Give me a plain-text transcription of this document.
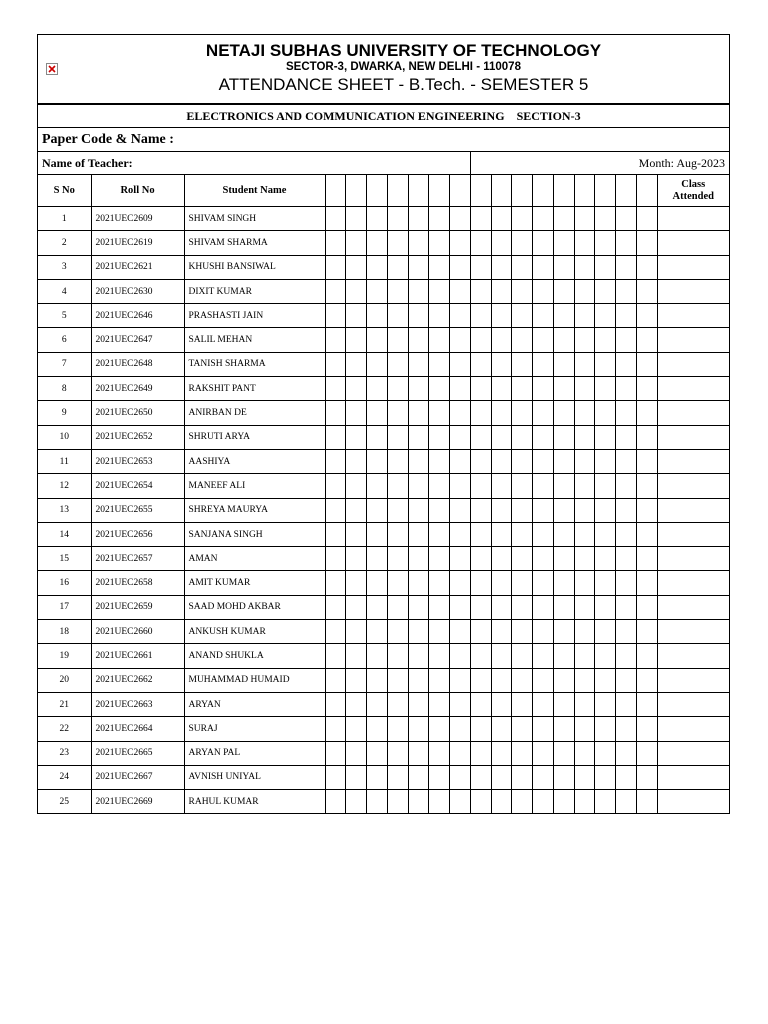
NETAJI SUBHAS UNIVERSITY OF TECHNOLOGY
SECTOR-3, DWARKA, NEW DELHI - 110078
ATTENDANCE SHEET - B.Tech. - SEMESTER 5
ELECTRONICS AND COMMUNICATION ENGINEERING SECTION-3
Paper Code & Name :
Name of Teacher:	Month: Aug-2023
S No	Roll No	Student Name																	Class
Attended
1	2021UEC2609	SHIVAM SINGH																	
2	2021UEC2619	SHIVAM SHARMA																	
3	2021UEC2621	KHUSHI BANSIWAL																	
4	2021UEC2630	DIXIT KUMAR																	
5	2021UEC2646	PRASHASTI JAIN																	
6	2021UEC2647	SALIL MEHAN																	
7	2021UEC2648	TANISH SHARMA																	
8	2021UEC2649	RAKSHIT PANT																	
9	2021UEC2650	ANIRBAN DE																	
10	2021UEC2652	SHRUTI ARYA																	
11	2021UEC2653	AASHIYA																	
12	2021UEC2654	MANEEF ALI																	
13	2021UEC2655	SHREYA MAURYA																	
14	2021UEC2656	SANJANA SINGH																	
15	2021UEC2657	AMAN																	
16	2021UEC2658	AMIT KUMAR																	
17	2021UEC2659	SAAD MOHD AKBAR																	
18	2021UEC2660	ANKUSH KUMAR																	
19	2021UEC2661	ANAND SHUKLA																	
20	2021UEC2662	MUHAMMAD HUMAID																	
21	2021UEC2663	ARYAN																	
22	2021UEC2664	SURAJ																	
23	2021UEC2665	ARYAN PAL																	
24	2021UEC2667	AVNISH UNIYAL																	
25	2021UEC2669	RAHUL KUMAR																	
